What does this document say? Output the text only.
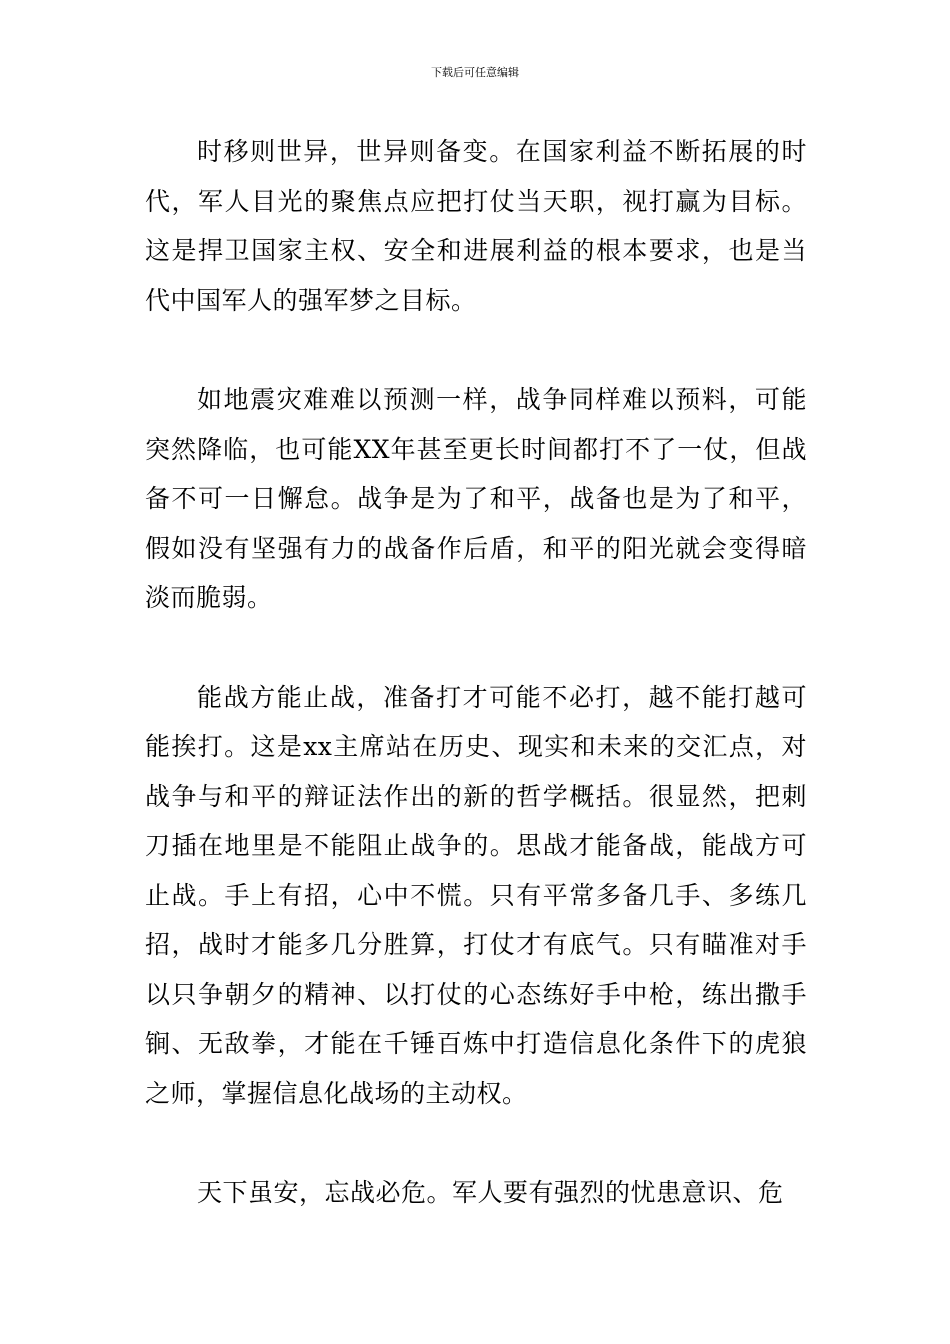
下载后可任意编辑

时移则世异，世异则备变。在国家利益不断拓展的时代，军人目光的聚焦点应把打仗当天职，视打赢为目标。这是捍卫国家主权、安全和进展利益的根本要求，也是当代中国军人的强军梦之目标。

如地震灾难难以预测一样，战争同样难以预料，可能突然降临，也可能XX年甚至更长时间都打不了一仗，但战备不可一日懈怠。战争是为了和平，战备也是为了和平，假如没有坚强有力的战备作后盾，和平的阳光就会变得暗淡而脆弱。

能战方能止战，准备打才可能不必打，越不能打越可能挨打。这是xx主席站在历史、现实和未来的交汇点，对战争与和平的辩证法作出的新的哲学概括。很显然，把刺刀插在地里是不能阻止战争的。思战才能备战，能战方可止战。手上有招，心中不慌。只有平常多备几手、多练几招，战时才能多几分胜算，打仗才有底气。只有瞄准对手以只争朝夕的精神、以打仗的心态练好手中枪，练出撒手锏、无敌拳，才能在千锤百炼中打造信息化条件下的虎狼之师，掌握信息化战场的主动权。

天下虽安，忘战必危。军人要有强烈的忧患意识、危
